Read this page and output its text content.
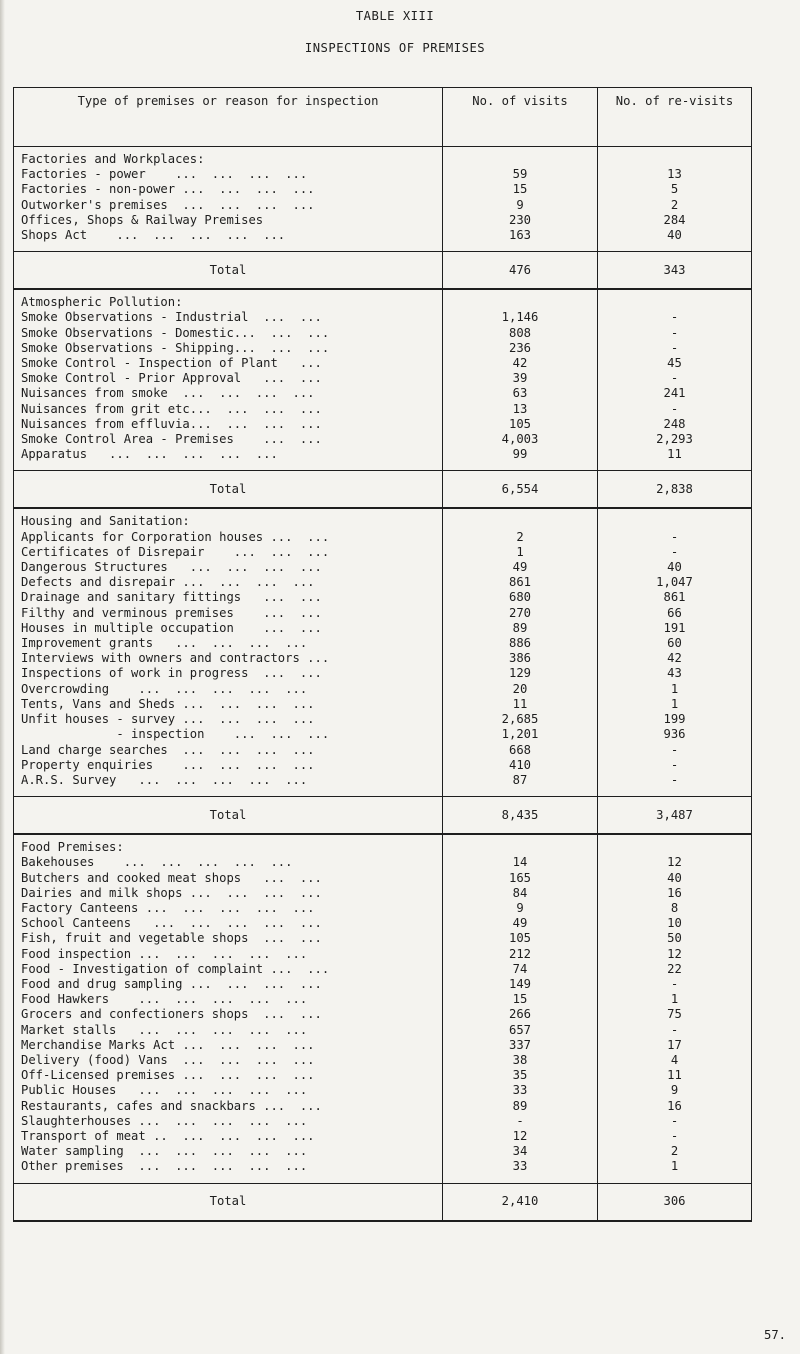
TABLE XIII
INSPECTIONS OF PREMISES
Type of premises or reason for inspection	No. of visits	No. of re-visits
Factories and Workplaces:		
Factories - power    ...  ...  ...  ...	59	13
Factories - non-power ...  ...  ...  ...	15	5
Outworker's premises  ...  ...  ...  ...	9	2
Offices, Shops & Railway Premises	230	284
Shops Act    ...  ...  ...  ...  ...	163	40
Total	476	343
Atmospheric Pollution:		
Smoke Observations - Industrial  ...  ...	1,146	-
Smoke Observations - Domestic...  ...  ...	808	-
Smoke Observations - Shipping...  ...  ...	236	-
Smoke Control - Inspection of Plant   ...	42	45
Smoke Control - Prior Approval   ...  ...	39	-
Nuisances from smoke  ...  ...  ...  ...	63	241
Nuisances from grit etc...  ...  ...  ...	13	-
Nuisances from effluvia...  ...  ...  ...	105	248
Smoke Control Area - Premises    ...  ...	4,003	2,293
Apparatus   ...  ...  ...  ...  ...	99	11
Total	6,554	2,838
Housing and Sanitation:		
Applicants for Corporation houses ...  ...	2	-
Certificates of Disrepair    ...  ...  ...	1	-
Dangerous Structures   ...  ...  ...  ...	49	40
Defects and disrepair ...  ...  ...  ...	861	1,047
Drainage and sanitary fittings   ...  ...	680	861
Filthy and verminous premises    ...  ...	270	66
Houses in multiple occupation    ...  ...	89	191
Improvement grants   ...  ...  ...  ...	886	60
Interviews with owners and contractors ...	386	42
Inspections of work in progress  ...  ...	129	43
Overcrowding    ...  ...  ...  ...  ...	20	1
Tents, Vans and Sheds ...  ...  ...  ...	11	1
Unfit houses - survey ...  ...  ...  ...	2,685	199
- inspection    ...  ...  ...	1,201	936
Land charge searches  ...  ...  ...  ...	668	-
Property enquiries    ...  ...  ...  ...	410	-
A.R.S. Survey   ...  ...  ...  ...  ...	87	-
Total	8,435	3,487
Food Premises:		
Bakehouses    ...  ...  ...  ...  ...	14	12
Butchers and cooked meat shops   ...  ...	165	40
Dairies and milk shops ...  ...  ...  ...	84	16
Factory Canteens ...  ...  ...  ...  ...	9	8
School Canteens   ...  ...  ...  ...  ...	49	10
Fish, fruit and vegetable shops  ...  ...	105	50
Food inspection ...  ...  ...  ...  ...	212	12
Food - Investigation of complaint ...  ...	74	22
Food and drug sampling ...  ...  ...  ...	149	-
Food Hawkers    ...  ...  ...  ...  ...	15	1
Grocers and confectioners shops  ...  ...	266	75
Market stalls   ...  ...  ...  ...  ...	657	-
Merchandise Marks Act ...  ...  ...  ...	337	17
Delivery (food) Vans  ...  ...  ...  ...	38	4
Off-Licensed premises ...  ...  ...  ...	35	11
Public Houses   ...  ...  ...  ...  ...	33	9
Restaurants, cafes and snackbars ...  ...	89	16
Slaughterhouses ...  ...  ...  ...  ...	-	-
Transport of meat ..  ...  ...  ...  ...	12	-
Water sampling  ...  ...  ...  ...  ...	34	2
Other premises  ...  ...  ...  ...  ...	33	1
Total	2,410	306
57.
